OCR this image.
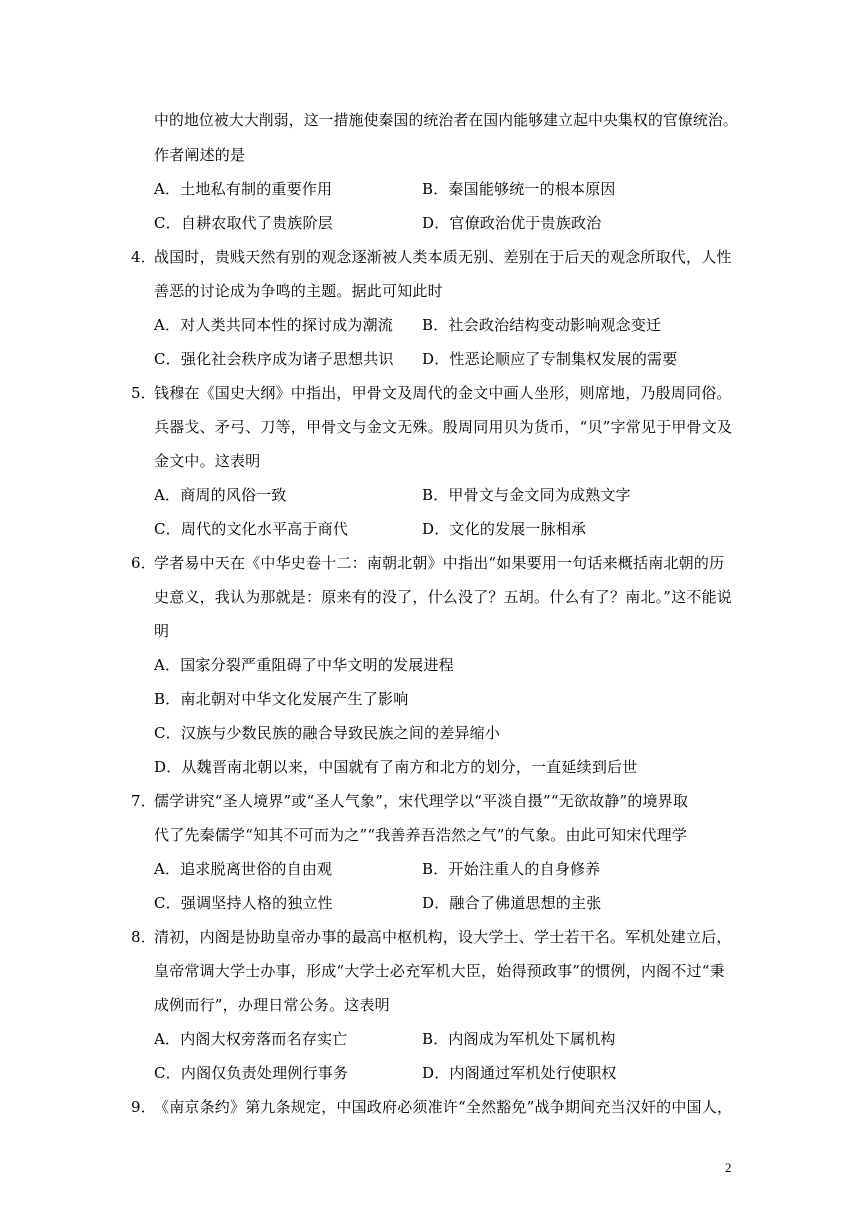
中的地位被大大削弱，这一措施使秦国的统治者在国内能够建立起中央集权的官僚统治。
作者阐述的是
A．土地私有制的重要作用	B．秦国能够统一的根本原因
C．自耕农取代了贵族阶层	D．官僚政治优于贵族政治
4．
战国时，贵贱天然有别的观念逐渐被人类本质无别、差别在于后天的观念所取代，人性
善恶的讨论成为争鸣的主题。据此可知此时
A．对人类共同本性的探讨成为潮流 B．社会政治结构变动影响观念变迁
C．强化社会秩序成为诸子思想共识 D．性恶论顺应了专制集权发展的需要
5．
钱穆在《国史大纲》中指出，甲骨文及周代的金文中画人坐形，则席地，乃殷周同俗。
兵器戈、矛弓、刀等，甲骨文与金文无殊。殷周同用贝为货币，“贝”字常见于甲骨文及
金文中。这表明
A．商周的风俗一致	B．甲骨文与金文同为成熟文字
C．周代的文化水平高于商代	D．文化的发展一脉相承
6．
学者易中天在《中华史卷十二：南朝北朝》中指出“如果要用一句话来概括南北朝的历
史意义，我认为那就是：原来有的没了，什么没了？五胡。什么有了？南北。”这不能说
明
A．国家分裂严重阻碍了中华文明的发展进程
B．南北朝对中华文化发展产生了影响
C．汉族与少数民族的融合导致民族之间的差异缩小
D．从魏晋南北朝以来，中国就有了南方和北方的划分，一直延续到后世
7．
儒学讲究“圣人境界”或“圣人气象”，宋代理学以“平淡自摄”“无欲故静”的境界取
代了先秦儒学“知其不可而为之”“我善养吾浩然之气”的气象。由此可知宋代理学
A．追求脱离世俗的自由观	B．开始注重人的自身修养
C．强调坚持人格的独立性	D．融合了佛道思想的主张
8．
清初，内阁是协助皇帝办事的最高中枢机构，设大学士、学士若干名。军机处建立后，
皇帝常调大学士办事，形成“大学士必充军机大臣，始得预政事”的惯例，内阁不过“秉
成例而行”，办理日常公务。这表明
A．内阁大权旁落而名存实亡	B．内阁成为军机处下属机构
C．内阁仅负责处理例行事务	D．内阁通过军机处行使职权
9．
《南京条约》第九条规定，中国政府必须准许“全然豁免”战争期间充当汉奸的中国人，
2
